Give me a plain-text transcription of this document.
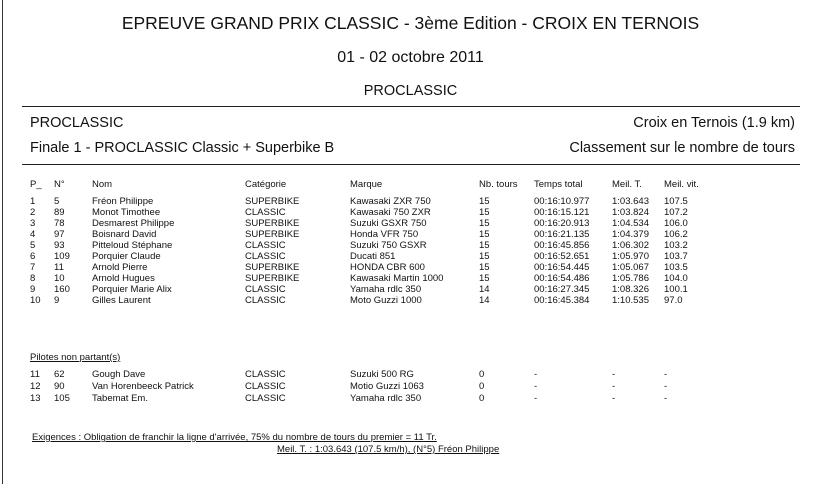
EPREUVE GRAND PRIX CLASSIC - 3ème Edition - CROIX EN TERNOIS
01 - 02 octobre 2011
PROCLASSIC
PROCLASSIC	Croix en Ternois (1.9 km)
Finale 1 - PROCLASSIC Classic + Superbike B	Classement sur le nombre de tours
P_ N°	Nom	Catégorie	Marque	Nb. tours Temps total	Meil. T. Meil. vit.
1 5	Fréon Philippe	SUPERBIKE	Kawasaki ZXR 750	15	00:16:10.977 1:03.643 107.5
2 89	Monot Timothee	CLASSIC	Kawasaki 750 ZXR	15	00:16:15.121 1:03.824 107.2
3 78	Desmarest Philippe	SUPERBIKE	Suzuki GSXR 750	15	00:16:20.913 1:04.534 106.0
4 97	Boisnard David	SUPERBIKE	Honda VFR 750	15	00:16:21.135 1:04.379 106.2
5 93	Pitteloud Stéphane	CLASSIC	Suzuki 750 GSXR	15	00:16:45.856 1:06.302 103.2
6 109 Porquier Claude	CLASSIC	Ducati 851	15	00:16:52.651 1:05.970 103.7
7 11	Arnold Pierre	SUPERBIKE	HONDA CBR 600	15	00:16:54.445 1:05.067 103.5
8 10	Arnold Hugues	SUPERBIKE	Kawasaki Martin 1000	15	00:16:54.486 1:05.786 104.0
9 160 Porquier Marie Alix	CLASSIC	Yamaha rdlc 350	14	00:16:27.345 1:08.326 100.1
10 9	Gilles Laurent	CLASSIC	Moto Guzzi 1000	14	00:16:45.384 1:10.535 97.0
Pilotes non partant(s)
11 62	Gough Dave	CLASSIC	Suzuki 500 RG	0	-	-	-
12 90	Van Horenbeeck Patrick	CLASSIC	Motio Guzzi 1063	0	-	-	-
13 105 Tabemat Em.	CLASSIC	Yamaha rdlc 350	0	-	-	-
Exigences : Obligation de franchir la ligne d'arrivée, 75% du nombre de tours du premier = 11 Tr.
Meil. T. : 1:03.643 (107.5 km/h), (N°5) Fréon Philippe
